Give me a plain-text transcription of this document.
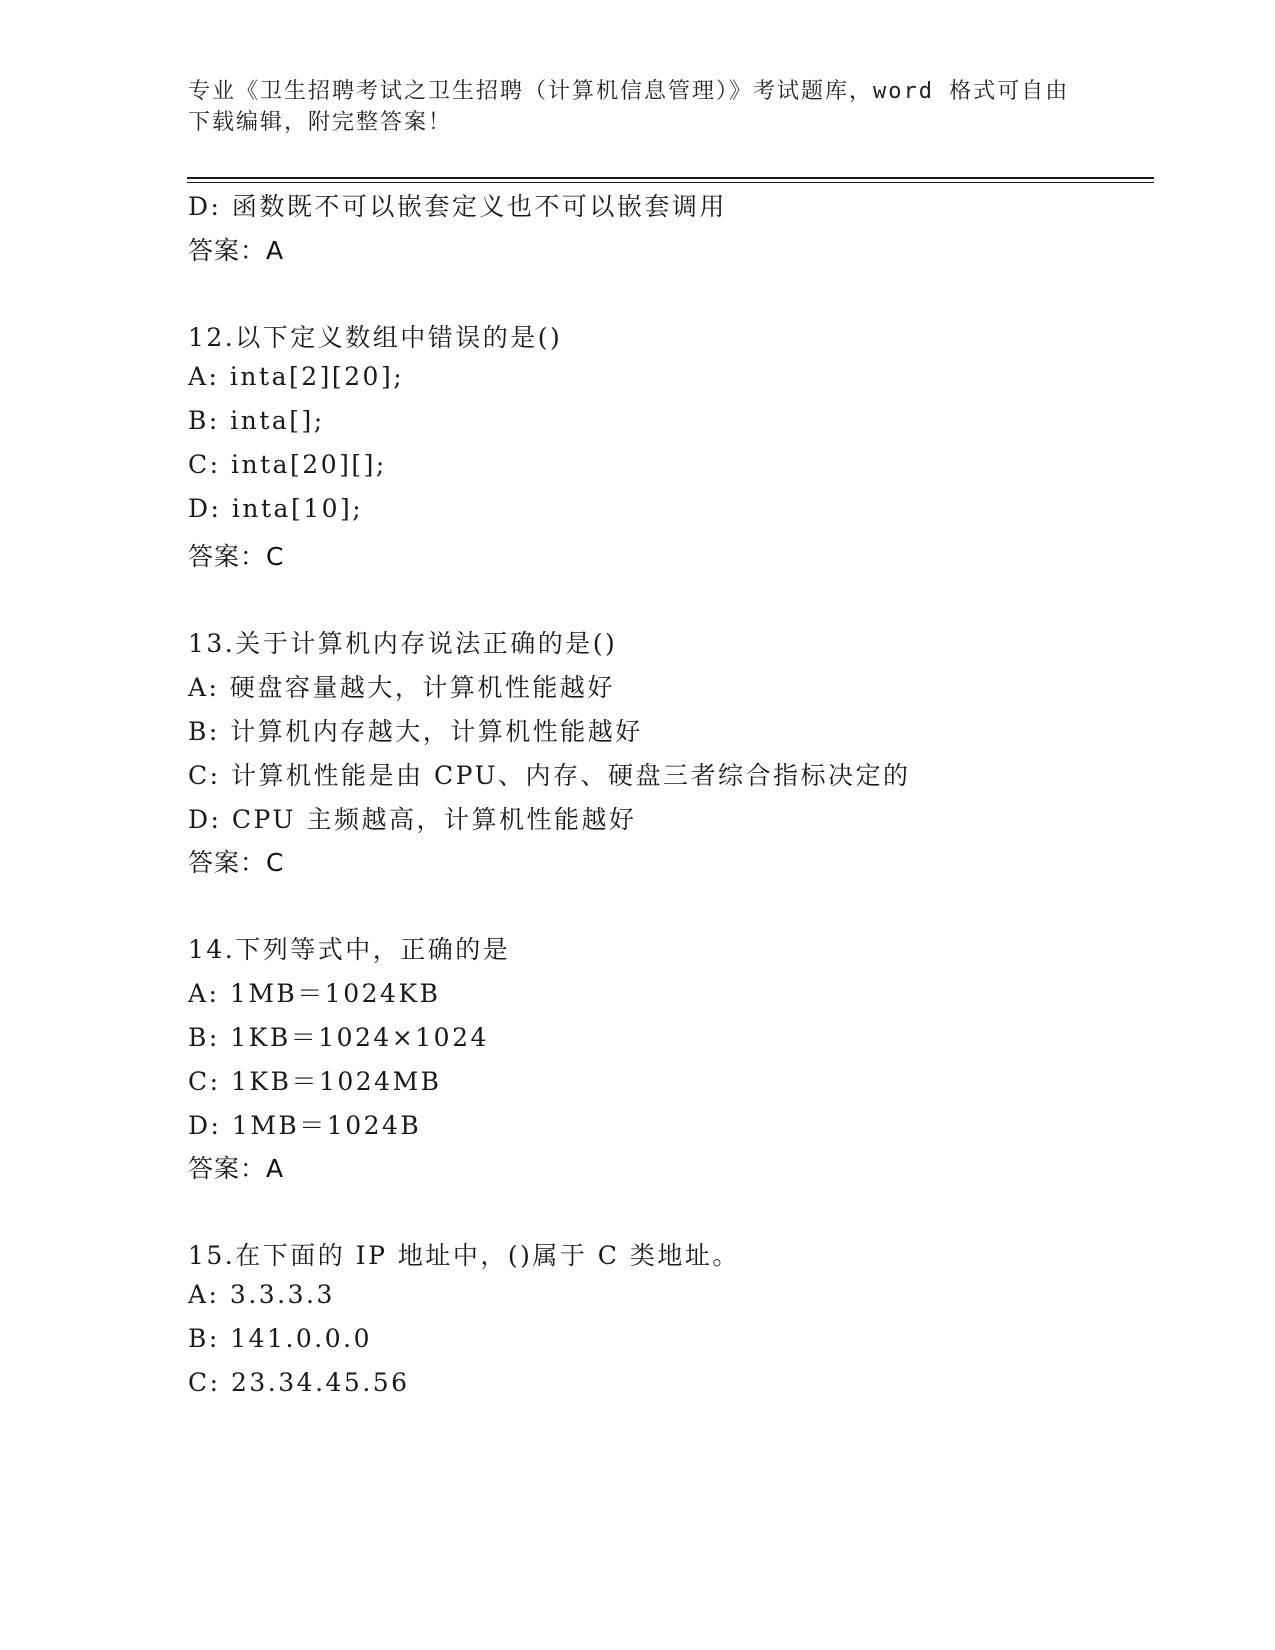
专业《卫生招聘考试之卫生招聘（计算机信息管理）》考试题库，word 格式可自由下载编辑，附完整答案！
D: 函数既不可以嵌套定义也不可以嵌套调用
答案：A
12.以下定义数组中错误的是()
A: inta[2][20];
B: inta[];
C: inta[20][];
D: inta[10];
答案：C
13.关于计算机内存说法正确的是()
A: 硬盘容量越大，计算机性能越好
B: 计算机内存越大，计算机性能越好
C: 计算机性能是由 CPU、内存、硬盘三者综合指标决定的
D: CPU 主频越高，计算机性能越好
答案：C
14.下列等式中，正确的是
A: 1MB＝1024KB
B: 1KB＝1024×1024
C: 1KB＝1024MB
D: 1MB＝1024B
答案：A
15.在下面的 IP 地址中，()属于 C 类地址。
A: 3.3.3.3
B: 141.0.0.0
C: 23.34.45.56
